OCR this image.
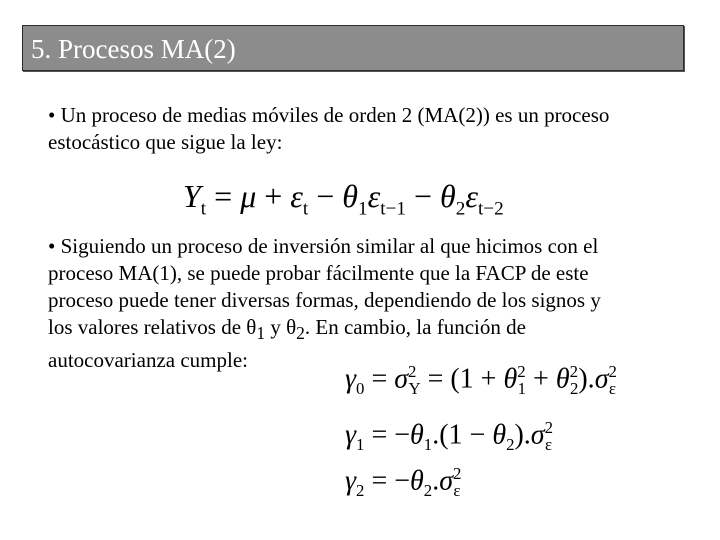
5. Procesos MA(2)
• Un proceso de medias móviles de orden 2 (MA(2)) es un proceso
estocástico que sigue la ley:
$Y_t = \mu + \varepsilon_t - \theta_1\varepsilon_{t-1} - \theta_2\varepsilon_{t-2}$
• Siguiendo un proceso de inversión similar al que hicimos con el
proceso MA(1), se puede probar fácilmente que la FACP de este
proceso puede tener diversas formas, dependiendo de los signos y
los valores relativos de $\theta_1$ y $\theta_2$. En cambio, la función de
autocovarianza cumple:
$\gamma_0 = \sigma^2_Y = (1 + \theta^2_1 + \theta^2_2).\sigma^2_\varepsilon$
$\gamma_1 = -\theta_1.(1 - \theta_2).\sigma^2_\varepsilon$
$\gamma_2 = -\theta_2.\sigma^2_\varepsilon$
